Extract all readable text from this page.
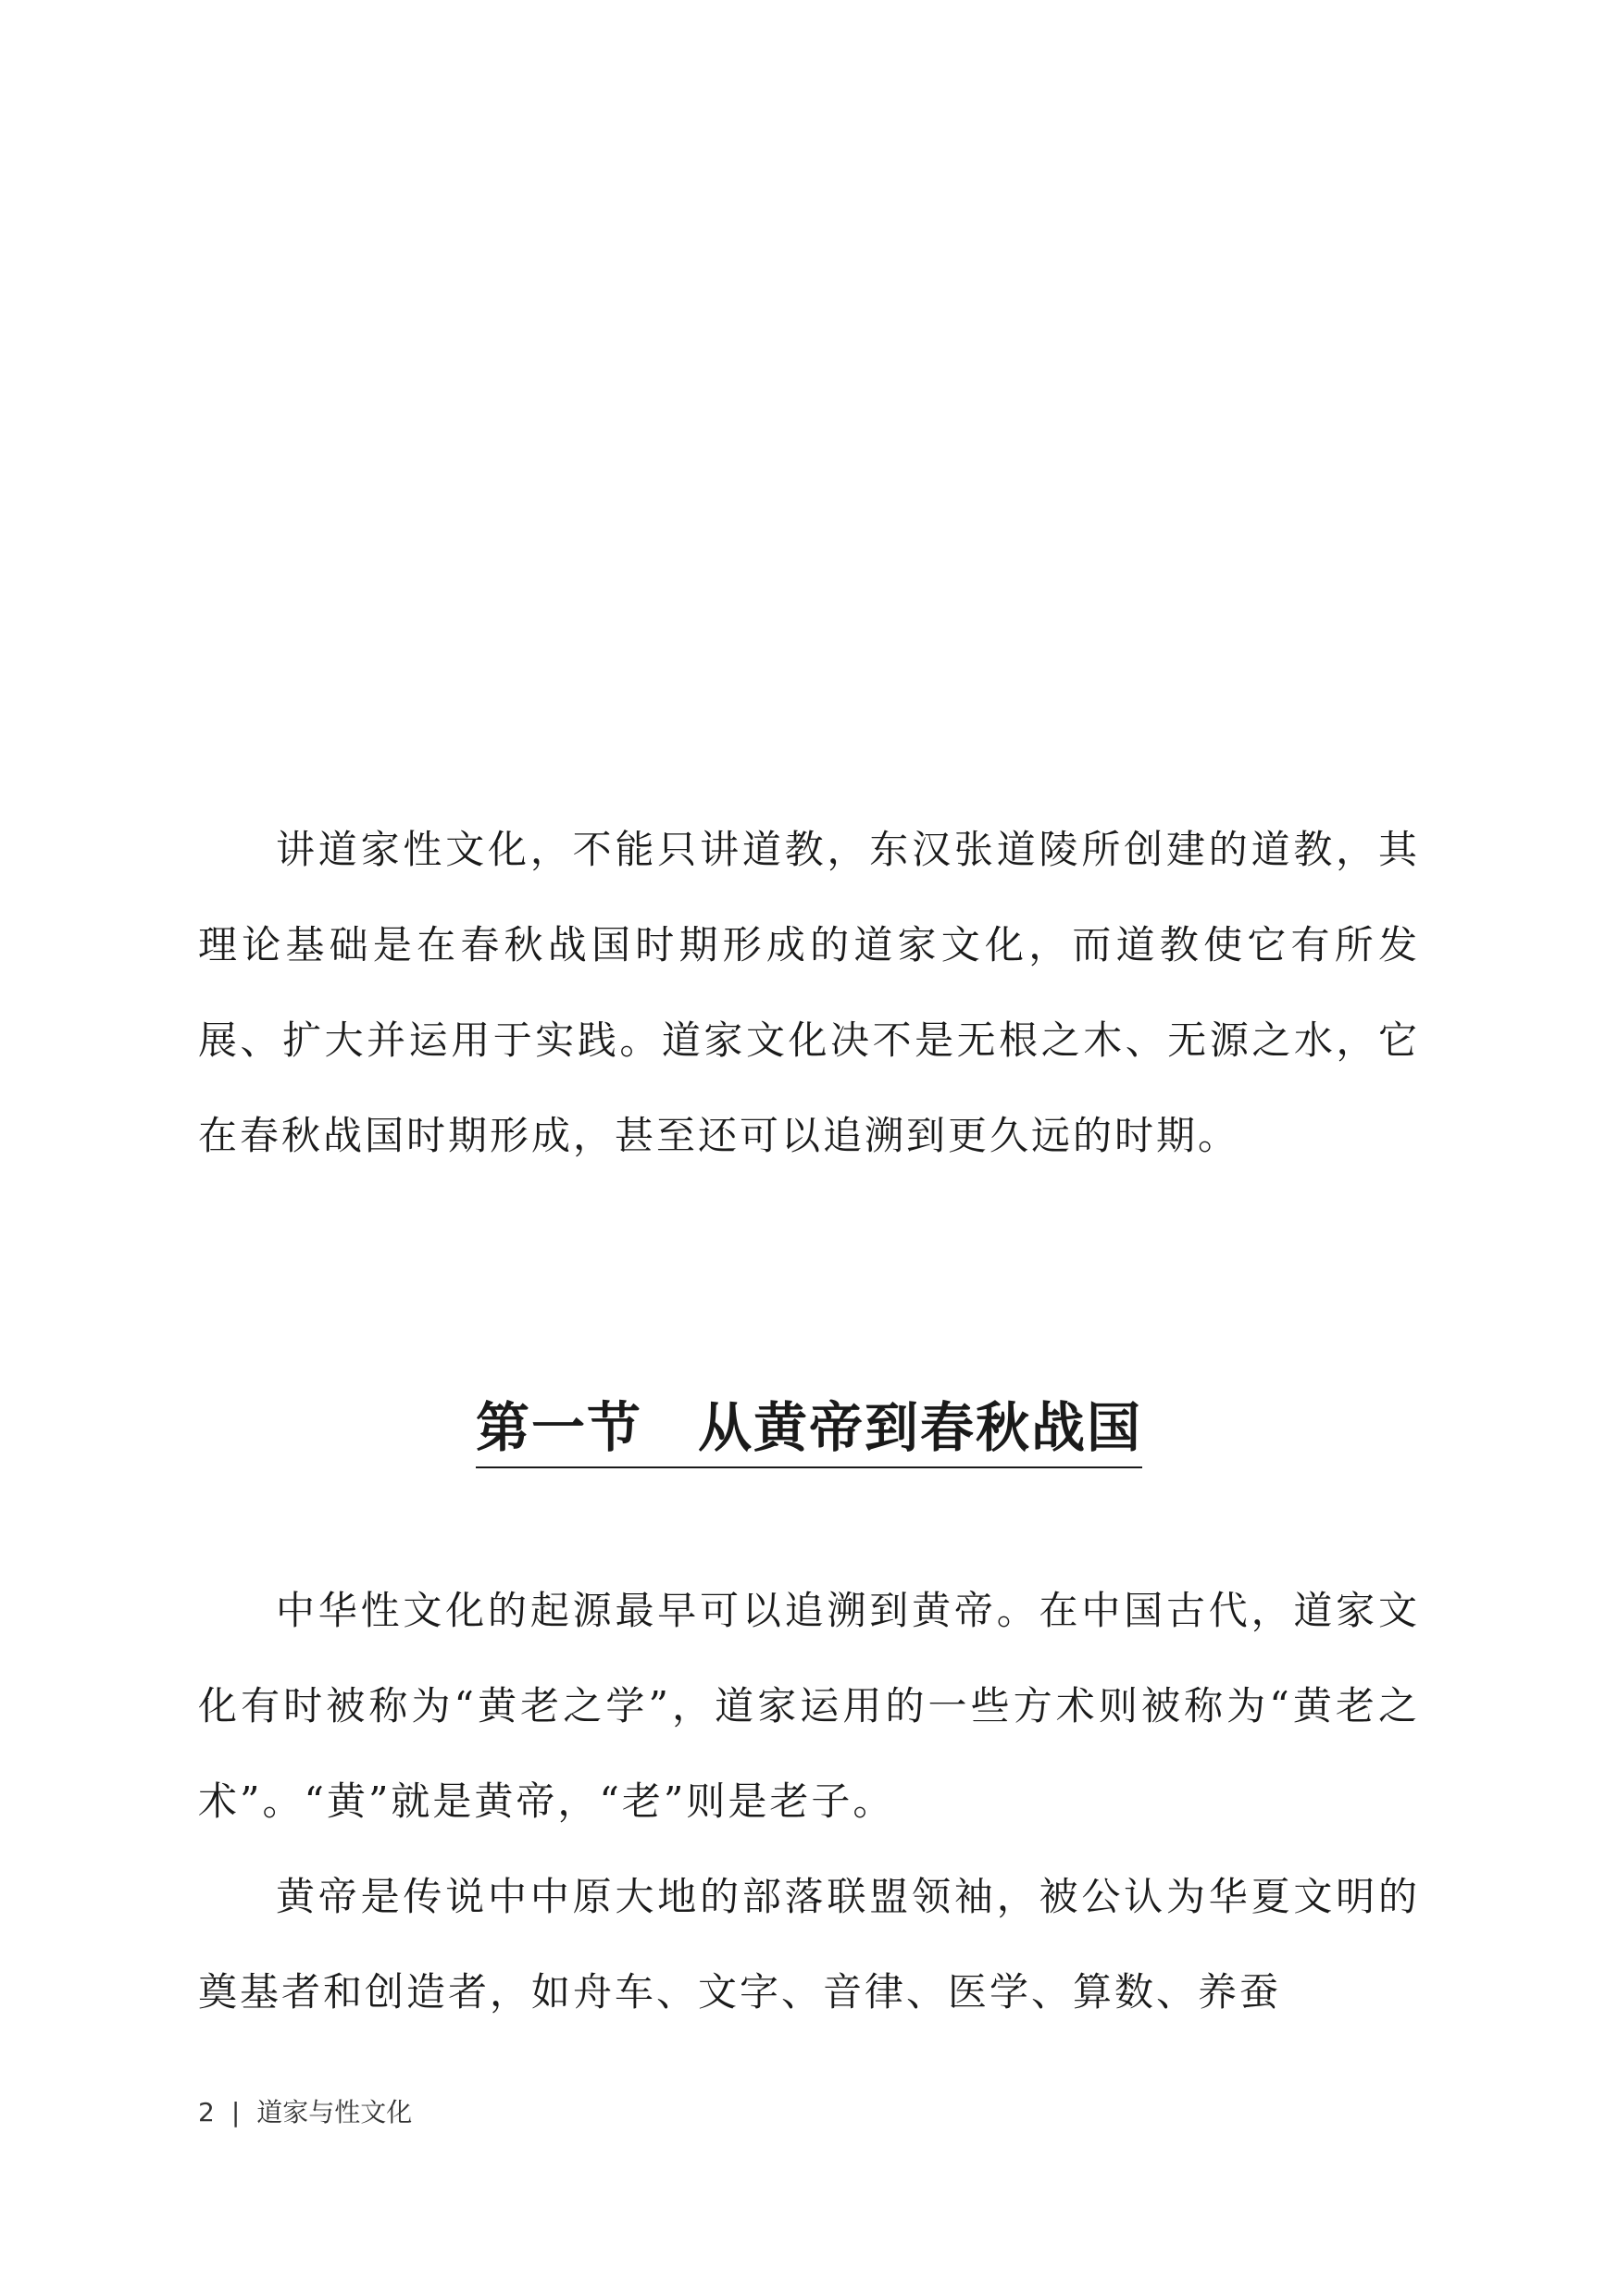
讲道家性文化，不能只讲道教，东汉张道陵所创建的道教，其理论基础是在春秋战国时期形成的道家文化，而道教使它有所发展、扩大并运用于实践。道家文化决不是无根之木、无源之水，它在春秋战国时期形成，甚至还可以追溯到更久远的时期。

第一节　从黄帝到春秋战国

中华性文化的起源最早可以追溯到黄帝。在中国古代，道家文化有时被称为“黄老之学”，道家运用的一些方术则被称为“黄老之术”。“黄”就是黄帝，“老”则是老子。

黄帝是传说中中原大地的部落联盟领袖，被公认为华夏文明的奠基者和创造者，如舟车、文字、音律、医学、算数、养蚕

2 | 道家与性文化
